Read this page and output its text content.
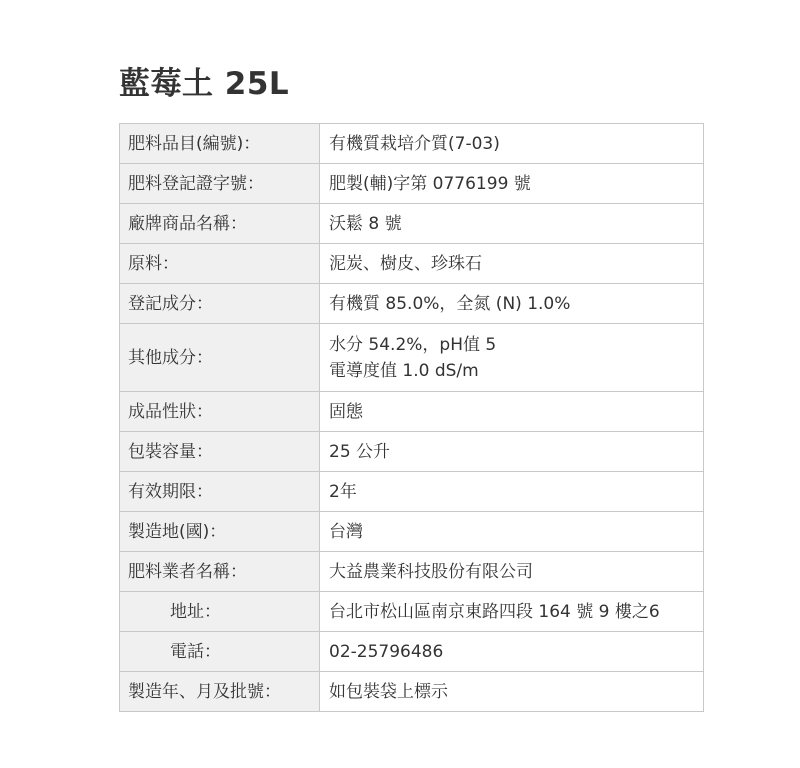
藍莓土 25L
肥料品目(編號)：	有機質栽培介質(7-03)
肥料登記證字號：	肥製(輔)字第 0776199 號
廠牌商品名稱：	沃鬆 8 號
原料：	泥炭、樹皮、珍珠石
登記成分：	有機質 85.0%，全氮 (N) 1.0%
其他成分：	水分 54.2%，pH值 5
電導度值 1.0 dS/m

成品性狀：	固態
包裝容量：	25 公升
有效期限：	2年
製造地(國)：	台灣
肥料業者名稱：	大益農業科技股份有限公司
地址：	台北市松山區南京東路四段 164 號 9 樓之6
電話：	02-25796486
製造年、月及批號：	如包裝袋上標示
